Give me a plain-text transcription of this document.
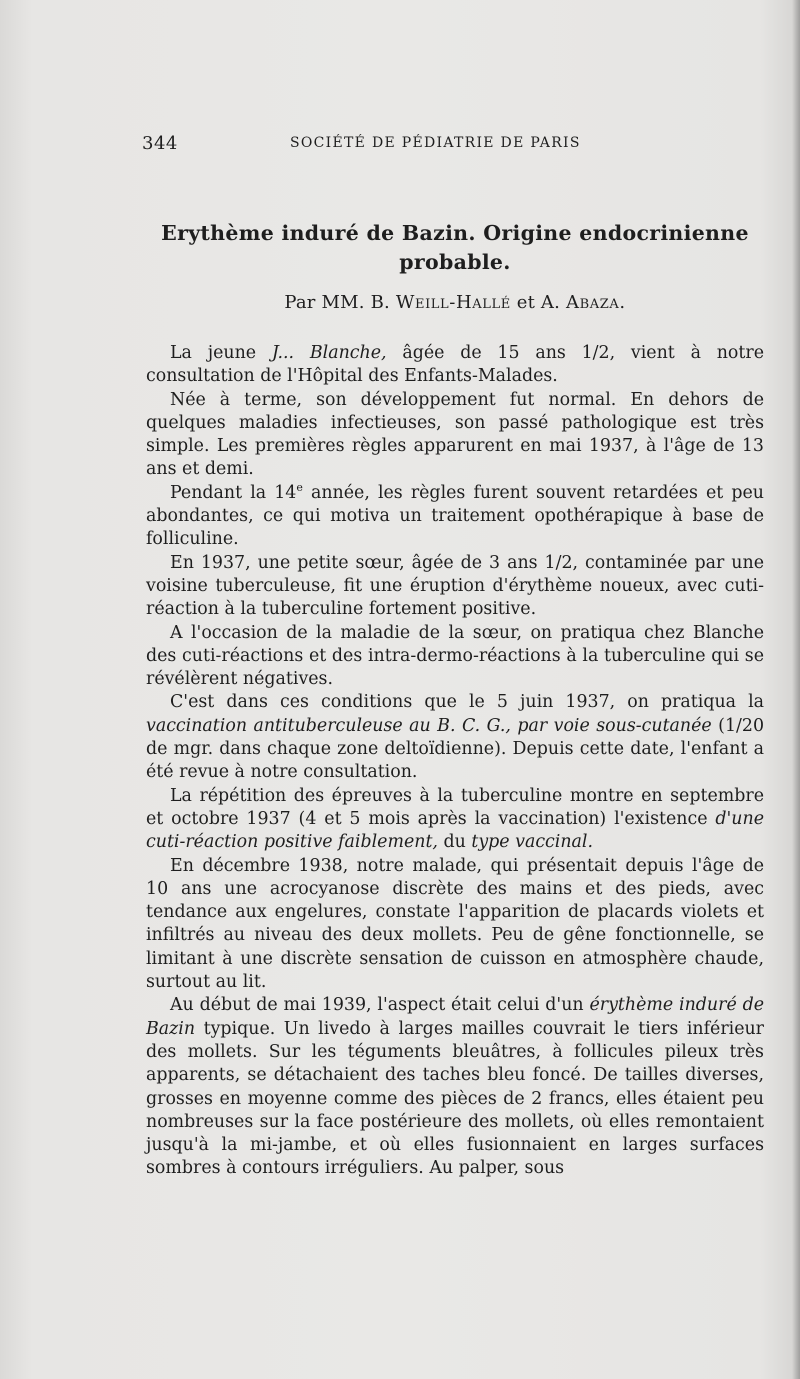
344	SOCIÉTÉ DE PÉDIATRIE DE PARIS
Erythème induré de Bazin. Origine endocrinienne probable.
Par MM. B. Weill-Hallé et A. Abaza.

La jeune J... Blanche, âgée de 15 ans 1/2, vient à notre consultation de l'Hôpital des Enfants-Malades.

Née à terme, son développement fut normal. En dehors de quelques maladies infectieuses, son passé pathologique est très simple. Les premières règles apparurent en mai 1937, à l'âge de 13 ans et demi.

Pendant la 14e année, les règles furent souvent retardées et peu abondantes, ce qui motiva un traitement opothérapique à base de folliculine.

En 1937, une petite sœur, âgée de 3 ans 1/2, contaminée par une voisine tuberculeuse, fit une éruption d'érythème noueux, avec cuti-réaction à la tuberculine fortement positive.

A l'occasion de la maladie de la sœur, on pratiqua chez Blanche des cuti-réactions et des intra-dermo-réactions à la tuberculine qui se révélèrent négatives.

C'est dans ces conditions que le 5 juin 1937, on pratiqua la vaccination antituberculeuse au B. C. G., par voie sous-cutanée (1/20 de mgr. dans chaque zone deltoïdienne). Depuis cette date, l'enfant a été revue à notre consultation.

La répétition des épreuves à la tuberculine montre en septembre et octobre 1937 (4 et 5 mois après la vaccination) l'existence d'une cuti-réaction positive faiblement, du type vaccinal.

En décembre 1938, notre malade, qui présentait depuis l'âge de 10 ans une acrocyanose discrète des mains et des pieds, avec tendance aux engelures, constate l'apparition de placards violets et infiltrés au niveau des deux mollets. Peu de gêne fonctionnelle, se limitant à une discrète sensation de cuisson en atmosphère chaude, surtout au lit.

Au début de mai 1939, l'aspect était celui d'un érythème induré de Bazin typique. Un livedo à larges mailles couvrait le tiers inférieur des mollets. Sur les téguments bleuâtres, à follicules pileux très apparents, se détachaient des taches bleu foncé. De tailles diverses, grosses en moyenne comme des pièces de 2 francs, elles étaient peu nombreuses sur la face postérieure des mollets, où elles remontaient jusqu'à la mi-jambe, et où elles fusionnaient en larges surfaces sombres à contours irréguliers. Au palper, sous
